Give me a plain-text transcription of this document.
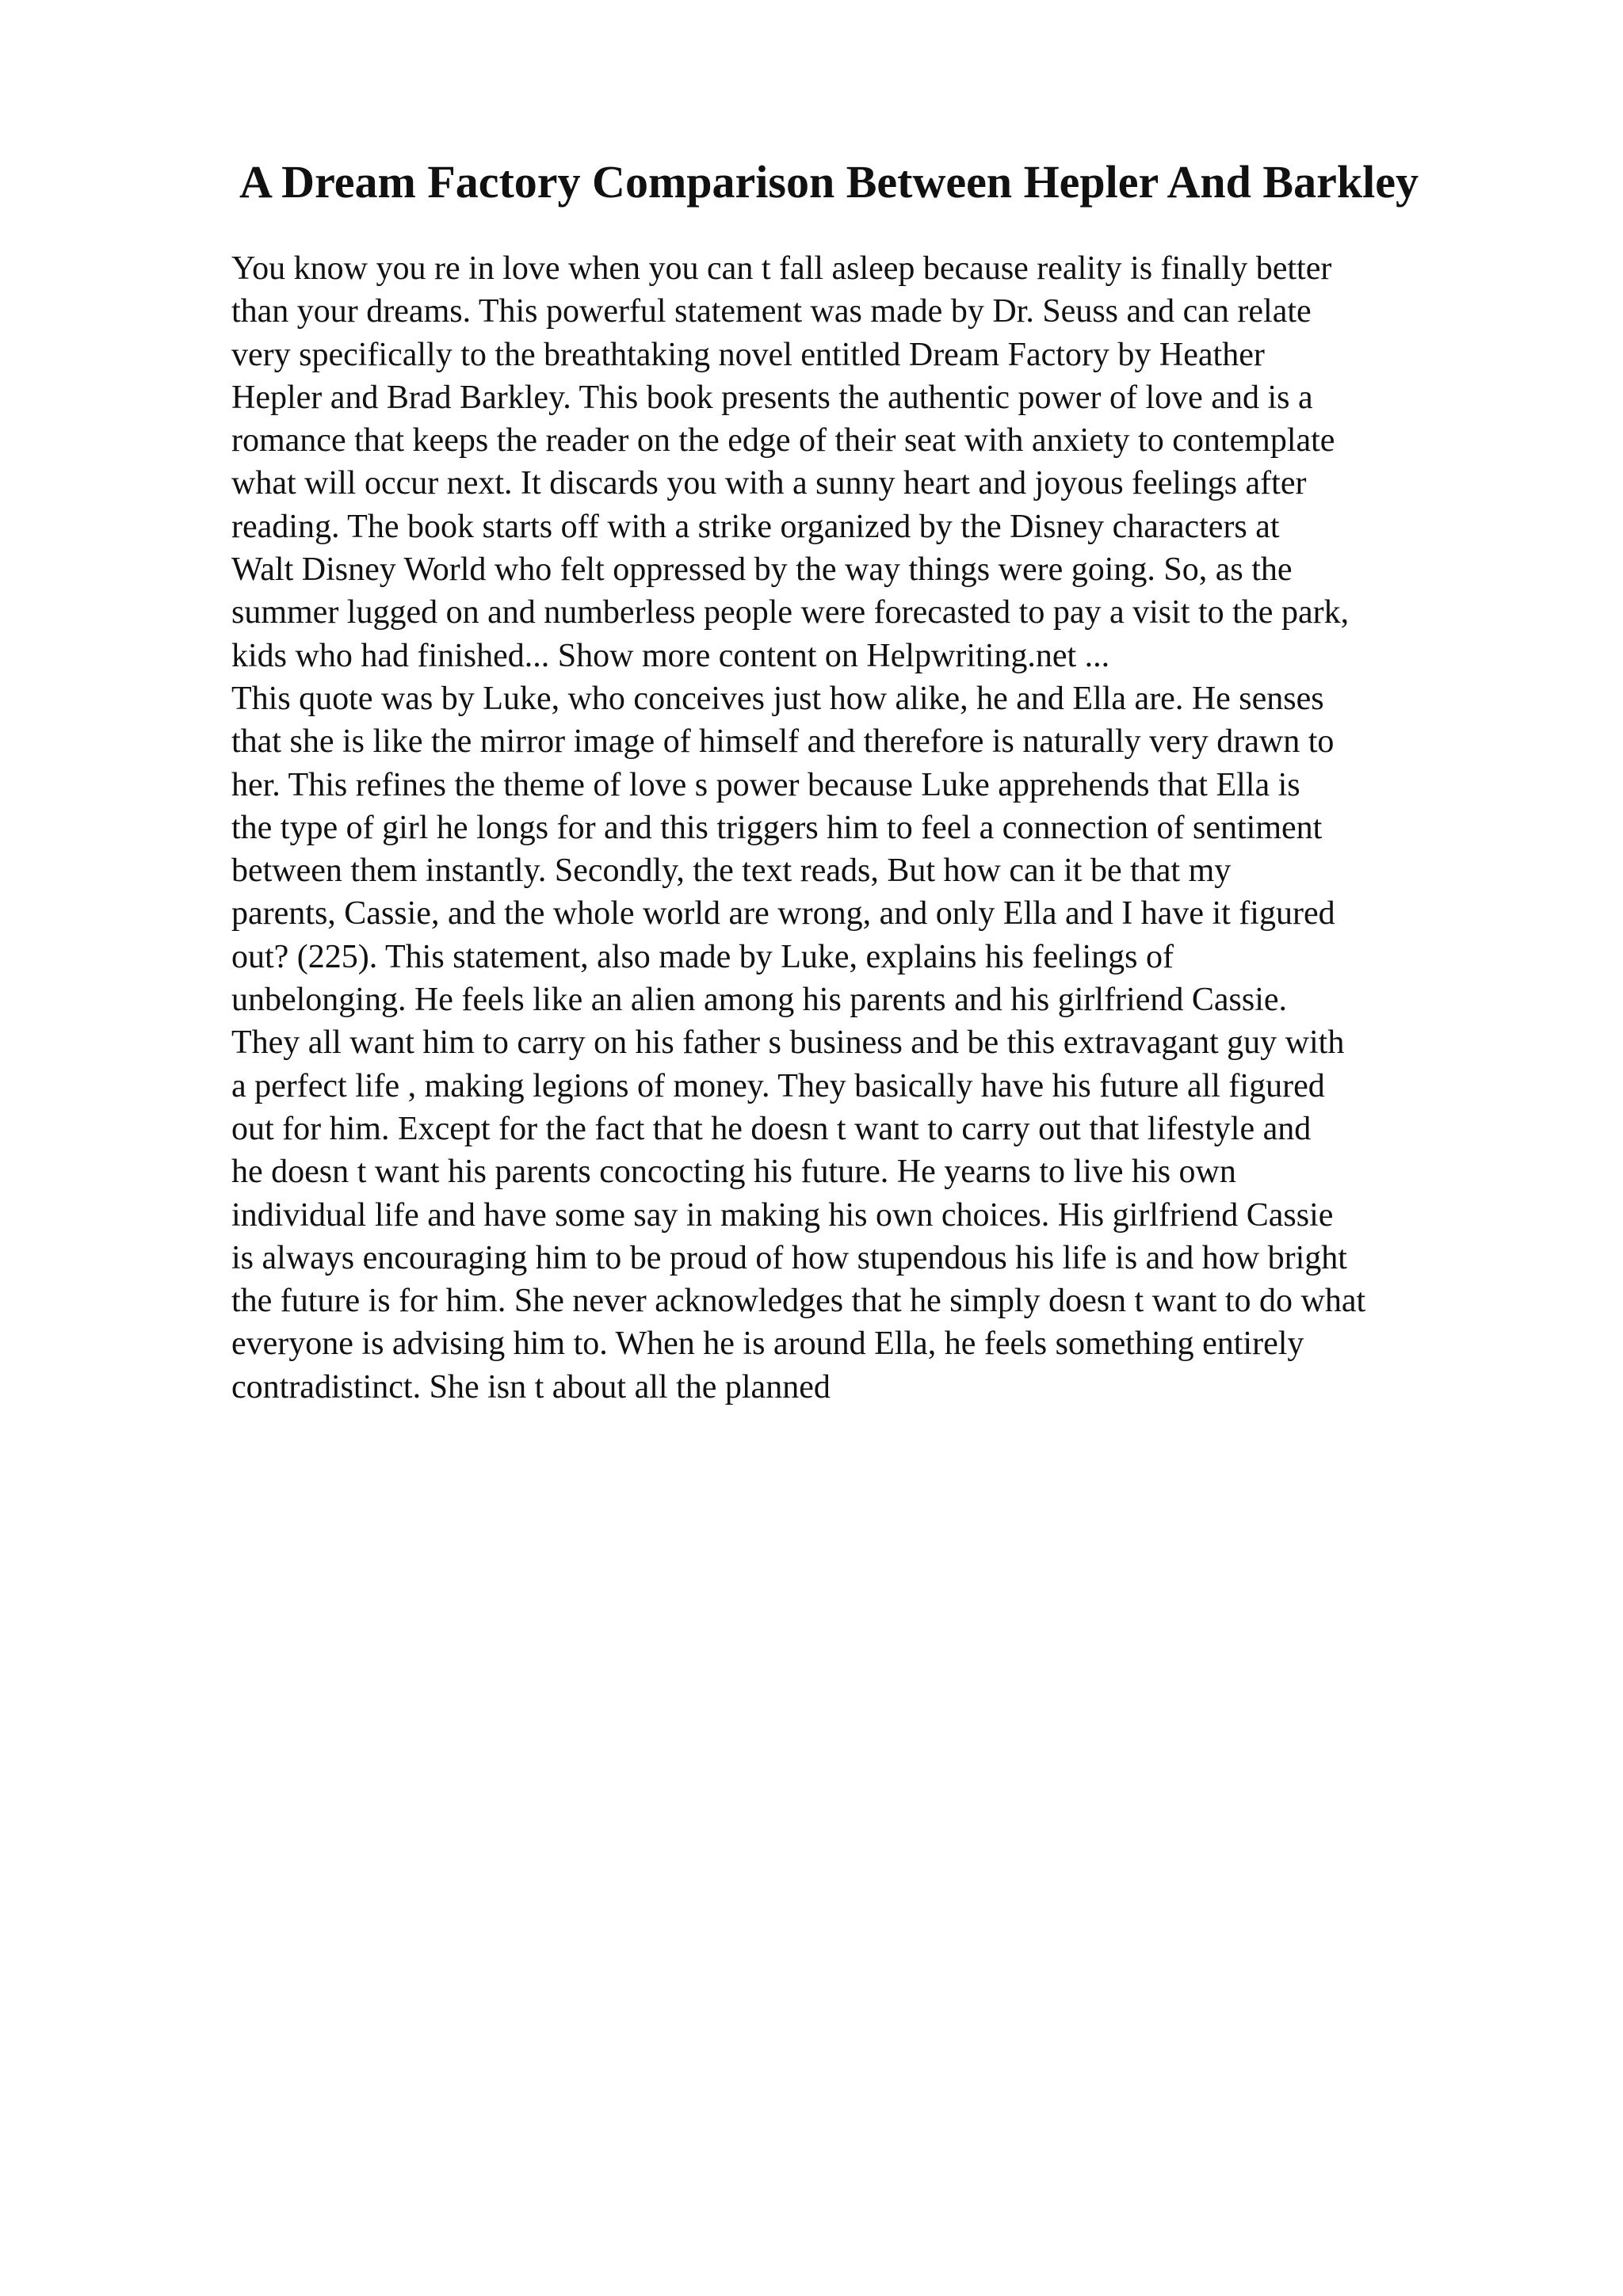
A Dream Factory Comparison Between Hepler And Barkley
You know you re in love when you can t fall asleep because reality is finally better
than your dreams. This powerful statement was made by Dr. Seuss and can relate
very specifically to the breathtaking novel entitled Dream Factory by Heather
Hepler and Brad Barkley. This book presents the authentic power of love and is a
romance that keeps the reader on the edge of their seat with anxiety to contemplate
what will occur next. It discards you with a sunny heart and joyous feelings after
reading. The book starts off with a strike organized by the Disney characters at
Walt Disney World who felt oppressed by the way things were going. So, as the
summer lugged on and numberless people were forecasted to pay a visit to the park,
kids who had finished... Show more content on Helpwriting.net ...
This quote was by Luke, who conceives just how alike, he and Ella are. He senses
that she is like the mirror image of himself and therefore is naturally very drawn to
her. This refines the theme of love s power because Luke apprehends that Ella is
the type of girl he longs for and this triggers him to feel a connection of sentiment
between them instantly. Secondly, the text reads, But how can it be that my
parents, Cassie, and the whole world are wrong, and only Ella and I have it figured
out? (225). This statement, also made by Luke, explains his feelings of
unbelonging. He feels like an alien among his parents and his girlfriend Cassie.
They all want him to carry on his father s business and be this extravagant guy with
a perfect life , making legions of money. They basically have his future all figured
out for him. Except for the fact that he doesn t want to carry out that lifestyle and
he doesn t want his parents concocting his future. He yearns to live his own
individual life and have some say in making his own choices. His girlfriend Cassie
is always encouraging him to be proud of how stupendous his life is and how bright
the future is for him. She never acknowledges that he simply doesn t want to do what
everyone is advising him to. When he is around Ella, he feels something entirely
contradistinct. She isn t about all the planned
